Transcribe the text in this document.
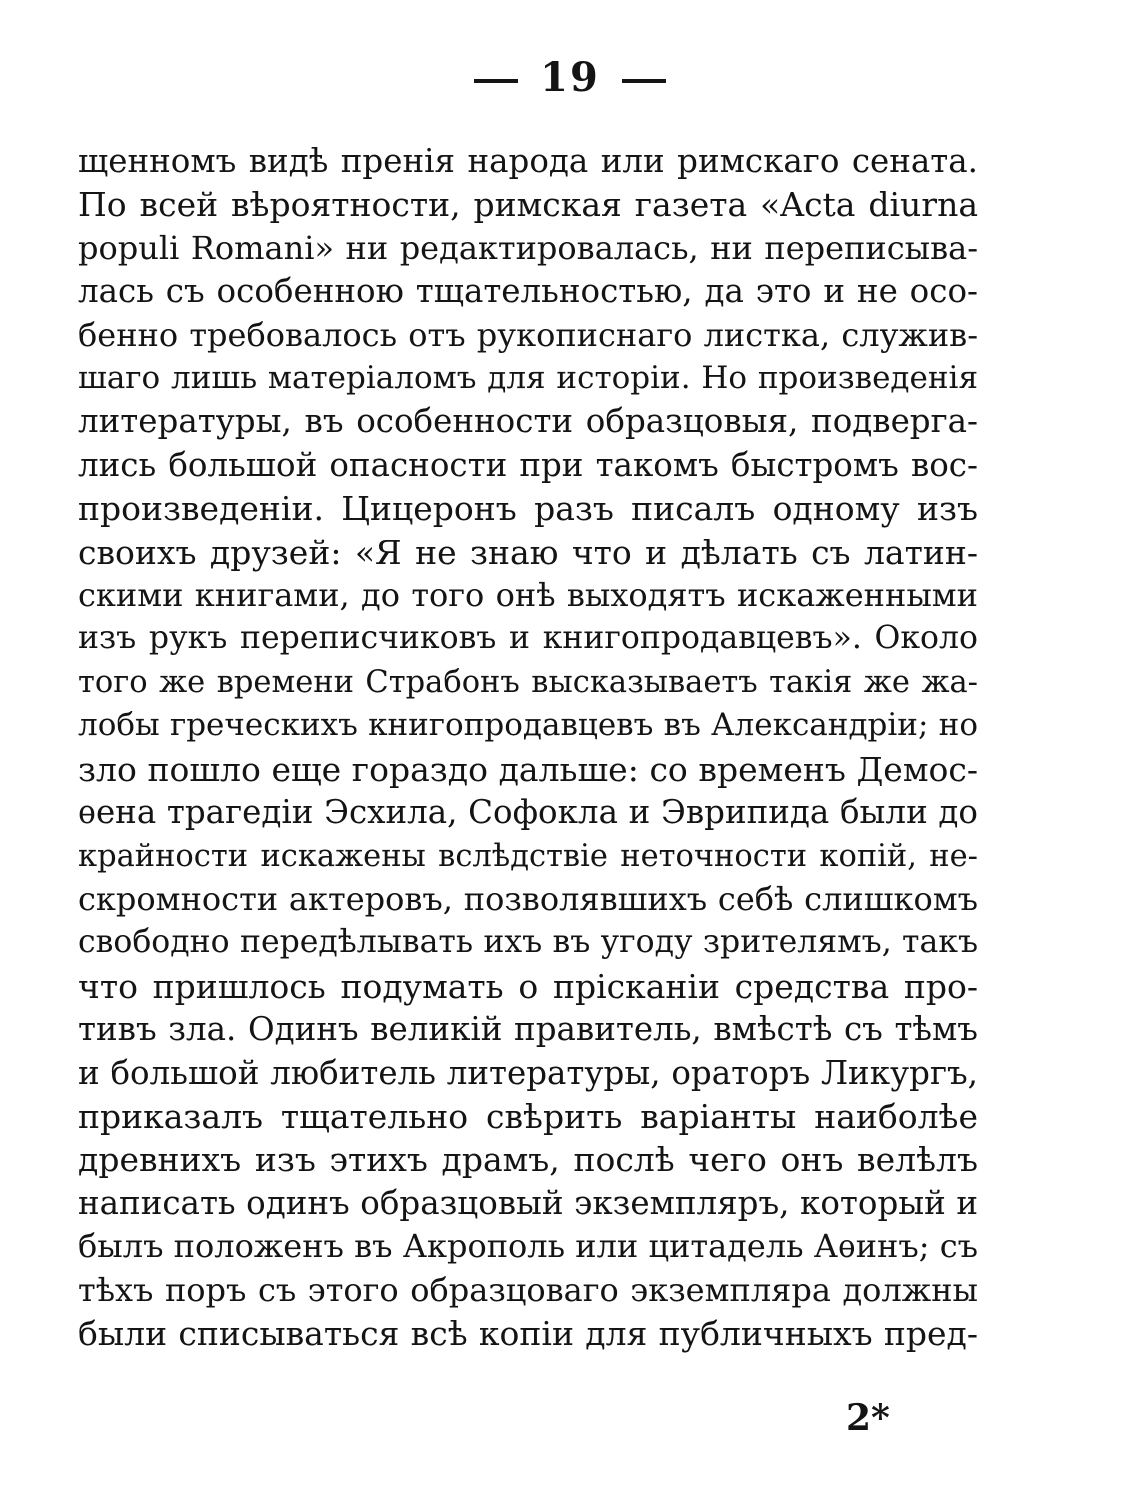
19
щенномъ видѣ пренія народа или римскаго сената.
По всей вѣроятности, римская газета «Acta diurna
populi Romani» ни редактировалась, ни переписыва-
лась съ особенною тщательностью, да это и не осо-
бенно требовалось отъ рукописнаго листка, служив-
шаго лишь матеріаломъ для исторіи. Но произведенія
литературы, въ особенности образцовыя, подверга-
лись большой опасности при такомъ быстромъ вос-
произведеніи. Цицеронъ разъ писалъ одному изъ
своихъ друзей: «Я не знаю что и дѣлать съ латин-
скими книгами, до того онѣ выходятъ искаженными
изъ рукъ переписчиковъ и книгопродавцевъ». Около
того же времени Страбонъ высказываетъ такія же жа-
лобы греческихъ книгопродавцевъ въ Александріи; но
зло пошло еще гораздо дальше: со временъ Демос-
ѳена трагедіи Эсхила, Софокла и Эврипида были до
крайности искажены вслѣдствіе неточности копій, не-
скромности актеровъ, позволявшихъ себѣ слишкомъ
свободно передѣлывать ихъ въ угоду зрителямъ, такъ
что пришлось подумать о прісканіи средства про-
тивъ зла. Одинъ великій правитель, вмѣстѣ съ тѣмъ
и большой любитель литературы, ораторъ Ликургъ,
приказалъ тщательно свѣрить варіанты наиболѣе
древнихъ изъ этихъ драмъ, послѣ чего онъ велѣлъ
написать одинъ образцовый экземпляръ, который и
былъ положенъ въ Акрополь или цитадель Аѳинъ; съ
тѣхъ поръ съ этого образцоваго экземпляра должны
были списываться всѣ копіи для публичныхъ пред-
2*
